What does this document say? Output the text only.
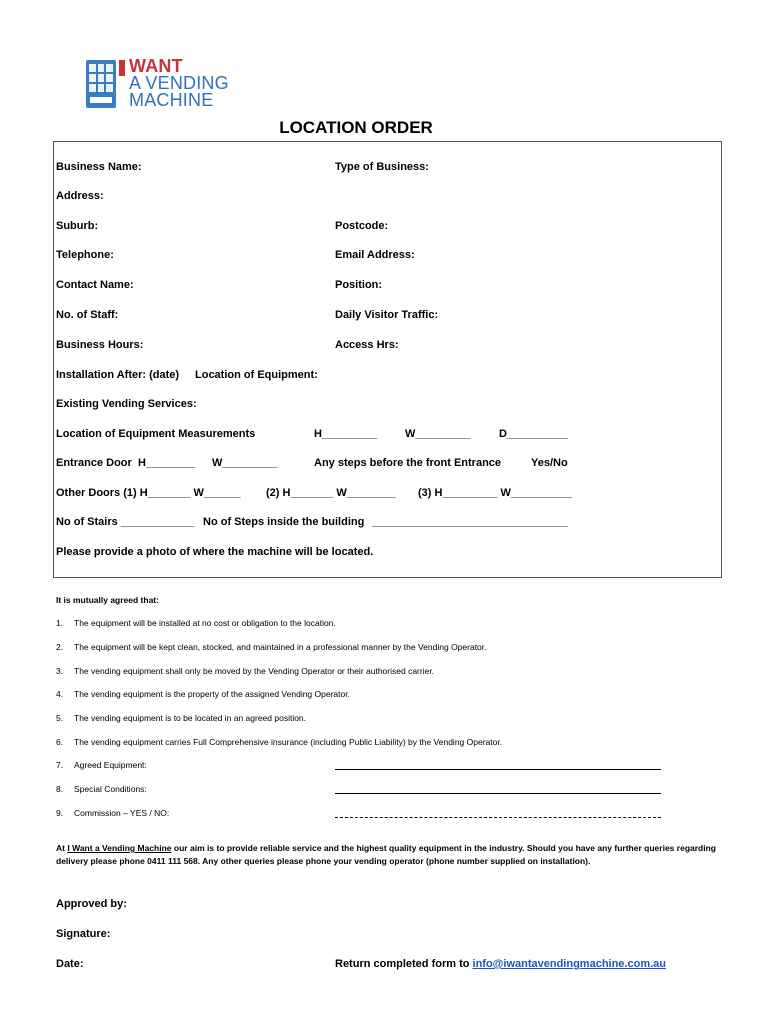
WANT
A VENDING
MACHINE
LOCATION ORDER
Business Name:	Type of Business:
Address:
Suburb:	Postcode:
Telephone:	Email Address:
Contact Name:	Position:
No. of Staff:	Daily Visitor Traffic:
Business Hours:	Access Hrs:
Installation After: (date) Location of Equipment:
Existing Vending Services:
Location of Equipment Measurements	H_________	W_________	D__________
Entrance Door H________ W_________	Any steps before the front Entrance	Yes/No
Other Doors (1) H_______ W______ (2) H_______ W________ (3) H_________ W__________
No of Stairs ____________ No of Steps inside the building ________________________________
Please provide a photo of where the machine will be located.
It is mutually agreed that:
1. The equipment will be installed at no cost or obligation to the location.
2. The equipment will be kept clean, stocked, and maintained in a professional manner by the Vending Operator.
3. The vending equipment shall only be moved by the Vending Operator or their authorised carrier.
4. The vending equipment is the property of the assigned Vending Operator.
5. The vending equipment is to be located in an agreed position.
6. The vending equipment carries Full Comprehensive insurance (including Public Liability) by the Vending Operator.
7. Agreed Equipment:
8. Special Conditions:
9. Commission – YES / NO:
At I Want a Vending Machine our aim is to provide reliable service and the highest quality equipment in the industry. Should you have any further queries regarding delivery please phone 0411 111 568. Any other queries please phone your vending operator (phone number supplied on installation).
Approved by:
Signature:
Date:	Return completed form to info@iwantavendingmachine.com.au
